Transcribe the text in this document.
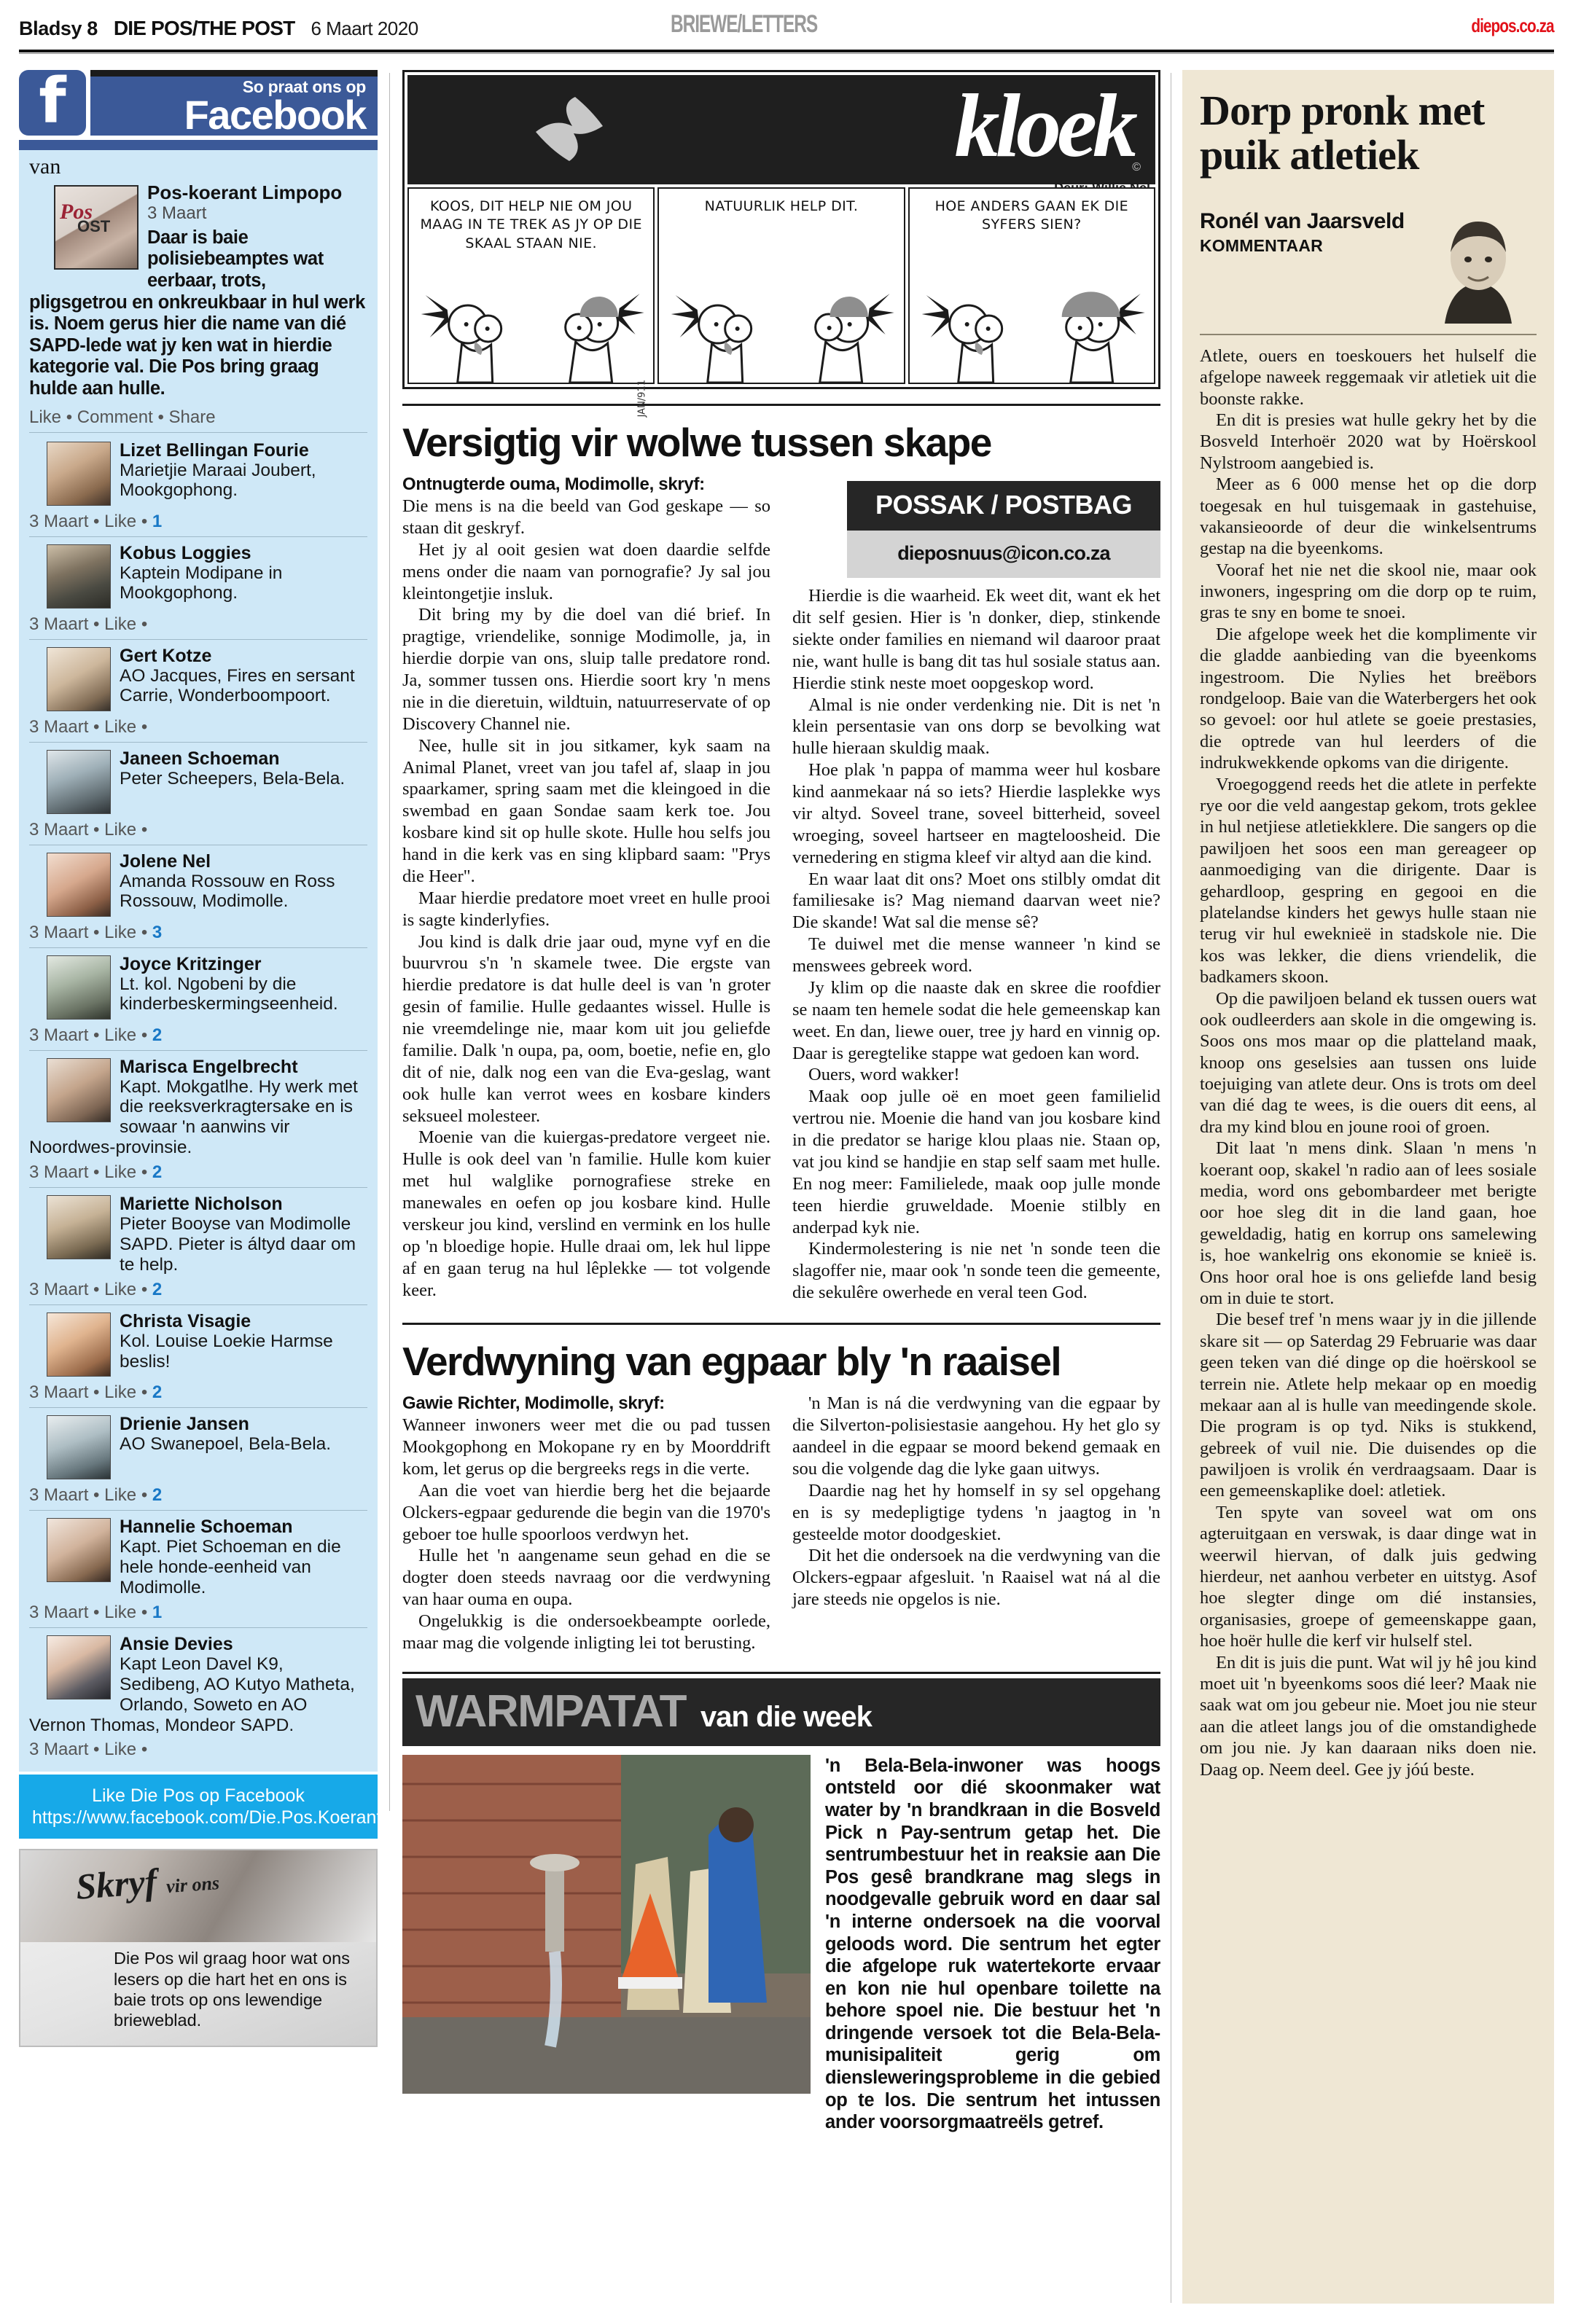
Bladsy 8 DIE POS/THE POST 6 Maart 2020	BRIEWE/LETTERS	diepos.co.za
f
So praat ons op
Facebook
van
Pos OST
Pos-koerant Limpopo
3 Maart
Daar is baie polisiebeamptes wat eerbaar, trots, pligsgetrou en onkreukbaar in hul werk is. Noem gerus hier die name van dié SAPD-lede wat jy ken wat in hierdie kategorie val. Die Pos bring graag hulde aan hulle.
Like • Comment • Share
Lizet Bellingan Fourie
Marietjie Maraai Joubert, Mookgophong.
3 Maart • Like • 1
Kobus Loggies
Kaptein Modipane in Mookgophong.
3 Maart • Like •
Gert Kotze
AO Jacques, Fires en sersant Carrie, Wonderboompoort.
3 Maart • Like •
Janeen Schoeman
Peter Scheepers, Bela-Bela.
3 Maart • Like •
Jolene Nel
Amanda Rossouw en Ross Rossouw, Modimolle.
3 Maart • Like • 3
Joyce Kritzinger
Lt. kol. Ngobeni by die kinderbeskermingseenheid.
3 Maart • Like • 2
Marisca Engelbrecht
Kapt. Mokgatlhe. Hy werk met die reeksverkragtersake en is sowaar 'n aanwins vir Noordwes-provinsie.
3 Maart • Like • 2
Mariette Nicholson
Pieter Booyse van Modimolle SAPD. Pieter is áltyd daar om te help.
3 Maart • Like • 2
Christa Visagie
Kol. Louise Loekie Harmse beslis!
3 Maart • Like • 2
Drienie Jansen
AO Swanepoel, Bela-Bela.
3 Maart • Like • 2
Hannelie Schoeman
Kapt. Piet Schoeman en die hele honde-eenheid van Modimolle.
3 Maart • Like • 1
Ansie Devies
Kapt Leon Davel K9, Sedibeng, AO Kutyo Matheta, Orlando, Soweto en AO Vernon Thomas, Mondeor SAPD.
3 Maart • Like •
Like Die Pos op Facebook https://www.facebook.com/Die.Pos.Koerant
Skryf vir ons
Die Pos wil graag hoor wat ons lesers op die hart het en ons is baie trots op ons lewendige brieweblad.
kloek
©
KOOS, DIT HELP NIE OM JOU MAAG IN TE TREK AS JY OP DIE SKAAL STAAN NIE.
JAN/911
NATUURLIK HELP DIT.	HOE ANDERS GAAN EK DIE SYFERS SIEN?
Versigtig vir wolwe tussen skape

Ontnugterde ouma, Modimolle, skryf:

Die mens is na die beeld van God geskape — so staan dit geskryf.

Het jy al ooit gesien wat doen daardie selfde mens onder die naam van pornografie? Jy sal jou kleintongetjie insluk.

Dit bring my by die doel van dié brief. In pragtige, vriendelike, sonnige Modimolle, ja, in hierdie dorpie van ons, sluip talle predatore rond. Ja, sommer tussen ons. Hierdie soort kry 'n mens nie in die dieretuin, wildtuin, natuurreservate of op Discovery Channel nie.

Nee, hulle sit in jou sitkamer, kyk saam na Animal Planet, vreet van jou tafel af, slaap in jou spaarkamer, spring saam met die kleingoed in die swembad en gaan Sondae saam kerk toe. Jou kosbare kind sit op hulle skote. Hulle hou selfs jou hand in die kerk vas en sing klipbard saam: "Prys die Heer".

Maar hierdie predatore moet vreet en hulle prooi is sagte kinderlyfies.

Jou kind is dalk drie jaar oud, myne vyf en die buurvrou s'n 'n skamele twee. Die ergste van hierdie predatore is dat hulle deel is van 'n groter gesin of familie. Hulle gedaantes wissel. Hulle is nie vreemdelinge nie, maar kom uit jou geliefde familie. Dalk 'n oupa, pa, oom, boetie, nefie en, glo dit of nie, dalk nog een van die Eva-geslag, want ook hulle kan verrot wees en kosbare kinders seksueel molesteer.

Moenie van die kuiergas-predatore vergeet nie. Hulle is ook deel van 'n familie. Hulle kom kuier met hul walglike pornografiese streke en manewales en oefen op jou kosbare kind. Hulle verskeur jou kind, verslind en vermink en los hulle op 'n bloedige hopie. Hulle draai om, lek hul lippe af en gaan terug na hul lêplekke — tot volgende keer.

POSSAK / POSTBAG
dieposnuus@icon.co.za

Hierdie is die waarheid. Ek weet dit, want ek het dit self gesien. Hier is 'n donker, diep, stinkende siekte onder families en niemand wil daaroor praat nie, want hulle is bang dit tas hul sosiale status aan. Hierdie stink neste moet oopgeskop word.

Almal is nie onder verdenking nie. Dit is net 'n klein persentasie van ons dorp se bevolking wat hulle hieraan skuldig maak.

Hoe plak 'n pappa of mamma weer hul kosbare kind aanmekaar ná so iets? Hierdie lasplekke wys vir altyd. Soveel trane, soveel bitterheid, soveel wroeging, soveel hartseer en magteloosheid. Die vernedering en stigma kleef vir altyd aan die kind.

En waar laat dit ons? Moet ons stilbly omdat dit familiesake is? Mag niemand daarvan weet nie? Die skande! Wat sal die mense sê?

Te duiwel met die mense wanneer 'n kind se menswees gebreek word.

Jy klim op die naaste dak en skree die roofdier se naam ten hemele sodat die hele gemeenskap kan weet. En dan, liewe ouer, tree jy hard en vinnig op. Daar is geregtelike stappe wat gedoen kan word.

Ouers, word wakker!

Maak oop julle oë en moet geen familielid vertrou nie. Moenie die hand van jou kosbare kind in die predator se harige klou plaas nie. Staan op, vat jou kind se handjie en stap self saam met hulle. En nog meer: Familielede, maak oop julle monde teen hierdie gruweldade. Moenie stilbly en anderpad kyk nie.

Kindermolestering is nie net 'n sonde teen die slagoffer nie, maar ook 'n sonde teen die gemeente, die sekulêre owerhede en veral teen God.

Verdwyning van egpaar bly 'n raaisel

Gawie Richter, Modimolle, skryf:

Wanneer inwoners weer met die ou pad tussen Mookgophong en Mokopane ry en by Moorddrift kom, let gerus op die bergreeks regs in die verte.

Aan die voet van hierdie berg het die bejaarde Olckers-egpaar gedurende die begin van die 1970's geboer toe hulle spoorloos verdwyn het.

Hulle het 'n aangename seun gehad en die se dogter doen steeds navraag oor die verdwyning van haar ouma en oupa.

Ongelukkig is die ondersoekbeampte oorlede, maar mag die volgende inligting lei tot berusting.

'n Man is ná die verdwyning van die egpaar by die Silverton-polisiestasie aangehou. Hy het glo sy aandeel in die egpaar se moord bekend gemaak en sou die volgende dag die lyke gaan uitwys.

Daardie nag het hy homself in sy sel opgehang en is sy medepligtige tydens 'n jaagtog in 'n gesteelde motor doodgeskiet.

Dit het die ondersoek na die verdwyning van die Olckers-egpaar afgesluit. 'n Raaisel wat ná al die jare steeds nie opgelos is nie.

WARMPATAT van die week
'n Bela-Bela-inwoner was hoogs ontsteld oor dié skoonmaker wat water by 'n brandkraan in die Bosveld Pick n Pay-sentrum getap het. Die sentrumbestuur het in reaksie aan Die Pos gesê brandkrane mag slegs in noodgevalle gebruik word en daar sal 'n interne ondersoek na die voorval geloods word. Die sentrum het egter die afgelope ruk watertekorte ervaar en kon nie hul openbare toilette na behore spoel nie. Die bestuur het 'n dringende versoek tot die Bela-Bela-munisipaliteit gerig om diensleweringsprobleme in die gebied op te los. Die sentrum het intussen ander voorsorgmaatreëls getref.
Dorp pronk met puik atletiek
Ronél van Jaarsveld
KOMMENTAAR

Atlete, ouers en toeskouers het hulself die afgelope naweek reggemaak vir atletiek uit die boonste rakke.

En dit is presies wat hulle gekry het by die Bosveld Interhoër 2020 wat by Hoërskool Nylstroom aangebied is.

Meer as 6 000 mense het op die dorp toegesak en hul tuisgemaak in gastehuise, vakansieoorde of deur die winkelsentrums gestap na die byeenkoms.

Vooraf het nie net die skool nie, maar ook inwoners, ingespring om die dorp op te ruim, gras te sny en bome te snoei.

Die afgelope week het die komplimente vir die gladde aanbieding van die byeenkoms ingestroom. Die Nylies het breëbors rondgeloop. Baie van die Waterbergers het ook so gevoel: oor hul atlete se goeie prestasies, die optrede van hul leerders of die indrukwekkende opkoms van die dirigente.

Vroegoggend reeds het die atlete in perfekte rye oor die veld aangestap gekom, trots geklee in hul netjiese atletiekklere. Die sangers op die pawiljoen het soos een man gereageer op aanmoediging van die dirigente. Daar is gehardloop, gespring en gegooi en die platelandse kinders het gewys hulle staan nie terug vir hul eweknieë in stadskole nie. Die kos was lekker, die diens vriendelik, die badkamers skoon.

Op die pawiljoen beland ek tussen ouers wat ook oudleerders aan skole in die omgewing is. Soos ons mos maar op die platteland maak, knoop ons geselsies aan tussen ons luide toejuiging van atlete deur. Ons is trots om deel van dié dag te wees, is die ouers dit eens, al dra my kind blou en joune rooi of groen.

Dit laat 'n mens dink. Slaan 'n mens 'n koerant oop, skakel 'n radio aan of lees sosiale media, word ons gebombardeer met berigte oor hoe sleg dit in die land gaan, hoe geweldadig, hatig en korrup ons samelewing is, hoe wankelrig ons ekonomie se knieë is. Ons hoor oral hoe is ons geliefde land besig om in duie te stort.

Die besef tref 'n mens waar jy in die jillende skare sit — op Saterdag 29 Februarie was daar geen teken van dié dinge op die hoërskool se terrein nie. Atlete help mekaar op en moedig mekaar aan al is hulle van meedingende skole. Die program is op tyd. Niks is stukkend, gebreek of vuil nie. Die duisendes op die pawiljoen is vrolik én verdraagsaam. Daar is een gemeenskaplike doel: atletiek.

Ten spyte van soveel wat om ons agteruitgaan en verswak, is daar dinge wat in weerwil hiervan, of dalk juis gedwing hierdeur, net aanhou verbeter en uitstyg. Asof hoe slegter dinge om dié instansies, organisasies, groepe of gemeenskappe gaan, hoe hoër hulle die kerf vir hulself stel.

En dit is juis die punt. Wat wil jy hê jou kind moet uit 'n byeenkoms soos dié leer? Maak nie saak wat om jou gebeur nie. Moet jou nie steur aan die atleet langs jou of die omstandighede om jou nie. Jy kan daaraan niks doen nie. Daag op. Neem deel. Gee jy jóú beste.
